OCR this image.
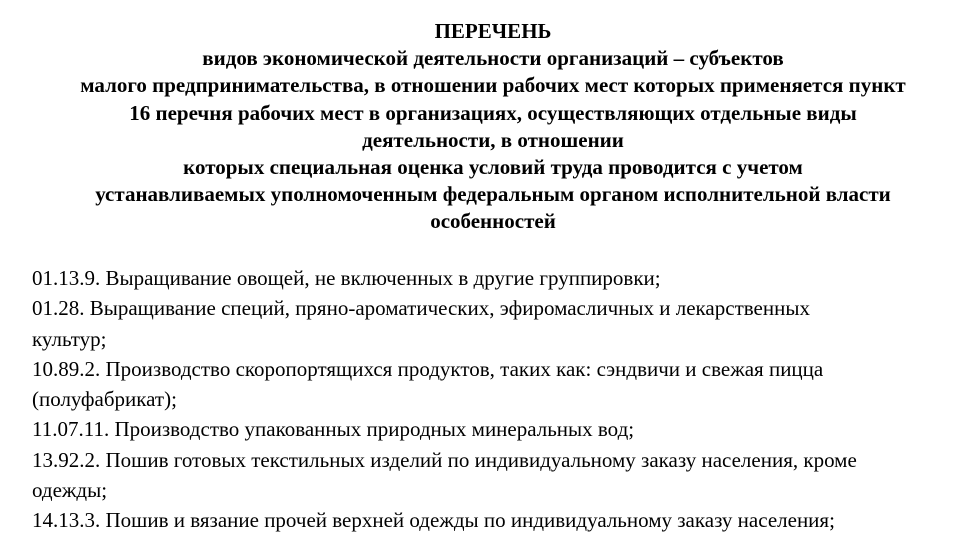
ПЕРЕЧЕНЬ
видов экономической деятельности организаций – субъектов
малого предпринимательства, в отношении рабочих мест которых применяется пункт
16 перечня рабочих мест в организациях, осуществляющих отдельные виды
деятельности, в отношении
которых специальная оценка условий труда проводится с учетом
устанавливаемых уполномоченным федеральным органом исполнительной власти
особенностей
01.13.9. Выращивание овощей, не включенных в другие группировки;
01.28. Выращивание специй, пряно-ароматических, эфиромасличных и лекарственных
культур;
10.89.2. Производство скоропортящихся продуктов, таких как: сэндвичи и свежая пицца
(полуфабрикат);
11.07.11. Производство упакованных природных минеральных вод;
13.92.2. Пошив готовых текстильных изделий по индивидуальному заказу населения, кроме
одежды;
14.13.3. Пошив и вязание прочей верхней одежды по индивидуальному заказу населения;
